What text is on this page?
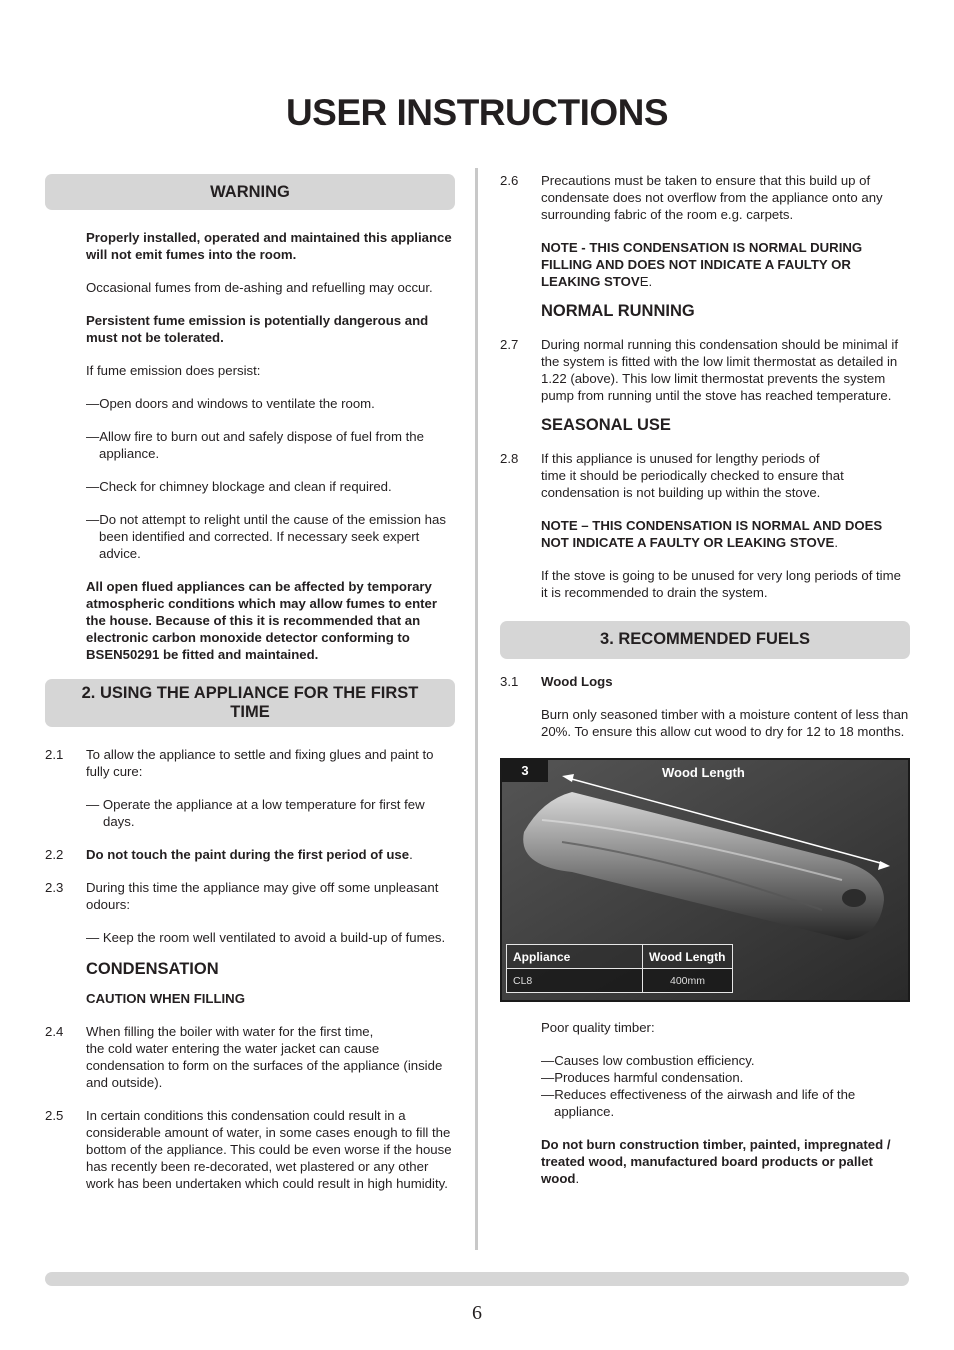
USER INSTRUCTIONS
WARNING
Properly installed, operated and maintained this appliance will not emit fumes into the room.
Occasional fumes from de-ashing and refuelling may occur.
Persistent fume emission is potentially dangerous and must not be tolerated.
If fume emission does persist:
—Open doors and windows to ventilate the room.
—Allow fire to burn out and safely dispose of fuel from the appliance.
—Check for chimney blockage and clean if required.
—Do not attempt to relight until the cause of the emission has been identified and corrected. If necessary seek expert advice.
All open flued appliances can be affected by temporary atmospheric conditions which may allow fumes to enter the house. Because of this it is recommended that an electronic carbon monoxide detector conforming to BSEN50291 be fitted and maintained.
2. USING THE APPLIANCE FOR THE FIRST TIME
2.1 To allow the appliance to settle and fixing glues and paint to fully cure:
— Operate the appliance at a low temperature for first few days.
2.2 Do not touch the paint during the first period of use.
2.3 During this time the appliance may give off some unpleasant odours:
— Keep the room well ventilated to avoid a build-up of fumes.
CONDENSATION
CAUTION WHEN FILLING
2.4 When filling the boiler with water for the first time,
the cold water entering the water jacket can cause condensation to form on the surfaces of the appliance (inside and outside).
2.5 In certain conditions this condensation could result in a considerable amount of water, in some cases enough to fill the bottom of the appliance. This could be even worse if the house has recently been re-decorated, wet plastered or any other work has been undertaken which could result in high humidity.
2.6 Precautions must be taken to ensure that this build up of condensate does not overflow from the appliance onto any surrounding fabric of the room e.g. carpets.
NOTE - THIS CONDENSATION IS NORMAL DURING FILLING AND DOES NOT INDICATE A FAULTY OR LEAKING STOVE.
NORMAL RUNNING
2.7 During normal running this condensation should be minimal if the system is fitted with the low limit thermostat as detailed in 1.22 (above). This low limit thermostat prevents the system pump from running until the stove has reached temperature.
SEASONAL USE
2.8 If this appliance is unused for lengthy periods of
time it should be periodically checked to ensure that condensation is not building up within the stove.
NOTE – THIS CONDENSATION IS NORMAL AND DOES NOT INDICATE A FAULTY OR LEAKING STOVE.
If the stove is going to be unused for very long periods of time it is recommended to drain the system.
3. RECOMMENDED FUELS
3.1 Wood Logs
Burn only seasoned timber with a moisture content of less than 20%. To ensure this allow cut wood to dry for 12 to 18 months.
3	Wood Length
Appliance	Wood Length
CL8	400mm
Poor quality timber:
—Causes low combustion efficiency.
—Produces harmful condensation.
—Reduces effectiveness of the airwash and life of the appliance.
Do not burn construction timber, painted, impregnated / treated wood, manufactured board products or pallet wood.
6
